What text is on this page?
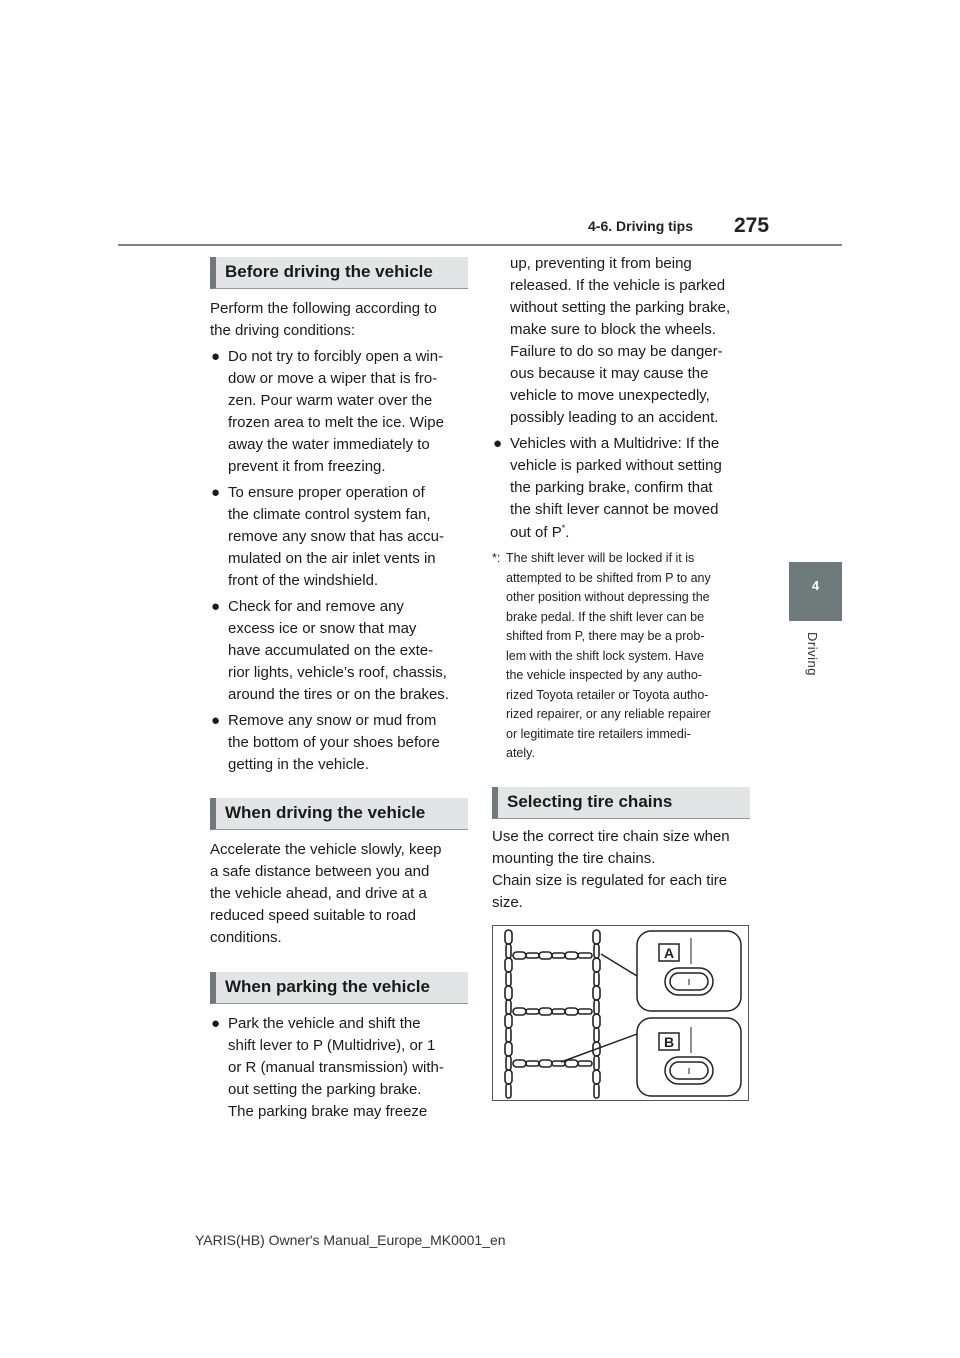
4-6. Driving tips 275
4
Driving
Before driving the vehicle

Perform the following according to
the driving conditions:

● Do not try to forcibly open a win-
dow or move a wiper that is fro-
zen. Pour warm water over the
frozen area to melt the ice. Wipe
away the water immediately to
prevent it from freezing.

● To ensure proper operation of
the climate control system fan,
remove any snow that has accu-
mulated on the air inlet vents in
front of the windshield.

● Check for and remove any
excess ice or snow that may
have accumulated on the exte-
rior lights, vehicle’s roof, chassis,
around the tires or on the brakes.

● Remove any snow or mud from
the bottom of your shoes before
getting in the vehicle.

When driving the vehicle

Accelerate the vehicle slowly, keep
a safe distance between you and
the vehicle ahead, and drive at a
reduced speed suitable to road
conditions.

When parking the vehicle

● Park the vehicle and shift the
shift lever to P (Multidrive), or 1
or R (manual transmission) with-
out setting the parking brake.
The parking brake may freeze

up, preventing it from being
released. If the vehicle is parked
without setting the parking brake,
make sure to block the wheels.
Failure to do so may be danger-
ous because it may cause the
vehicle to move unexpectedly,
possibly leading to an accident.

● Vehicles with a Multidrive: If the
vehicle is parked without setting
the parking brake, confirm that
the shift lever cannot be moved
out of P*.

*: The shift lever will be locked if it is
attempted to be shifted from P to any
other position without depressing the
brake pedal. If the shift lever can be
shifted from P, there may be a prob-
lem with the shift lock system. Have
the vehicle inspected by any autho-
rized Toyota retailer or Toyota autho-
rized repairer, or any reliable repairer
or legitimate tire retailers immedi-
ately.

Selecting tire chains

Use the correct tire chain size when
mounting the tire chains.
Chain size is regulated for each tire
size.

A
B
YARIS(HB) Owner's Manual_Europe_MK0001_en
